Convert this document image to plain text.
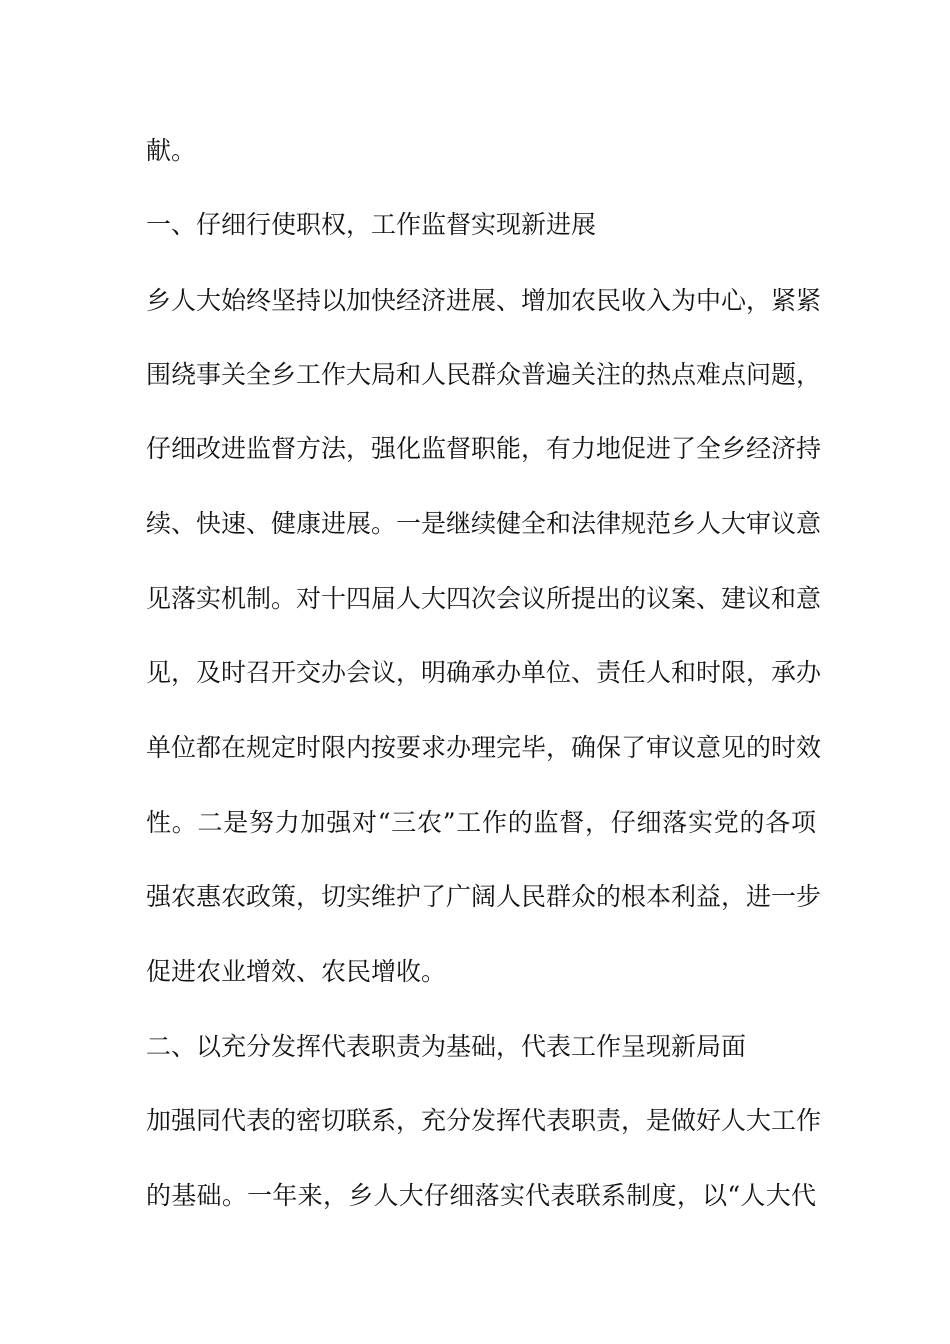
献。
一、仔细行使职权，工作监督实现新进展
乡人大始终坚持以加快经济进展、增加农民收入为中心，紧紧
围绕事关全乡工作大局和人民群众普遍关注的热点难点问题，
仔细改进监督方法，强化监督职能，有力地促进了全乡经济持
续、快速、健康进展。一是继续健全和法律规范乡人大审议意
见落实机制。对十四届人大四次会议所提出的议案、建议和意
见，及时召开交办会议，明确承办单位、责任人和时限，承办
单位都在规定时限内按要求办理完毕，确保了审议意见的时效
性。二是努力加强对“三农”工作的监督，仔细落实党的各项
强农惠农政策，切实维护了广阔人民群众的根本利益，进一步
促进农业增效、农民增收。
二、以充分发挥代表职责为基础，代表工作呈现新局面
加强同代表的密切联系，充分发挥代表职责，是做好人大工作
的基础。一年来，乡人大仔细落实代表联系制度，以“人大代
